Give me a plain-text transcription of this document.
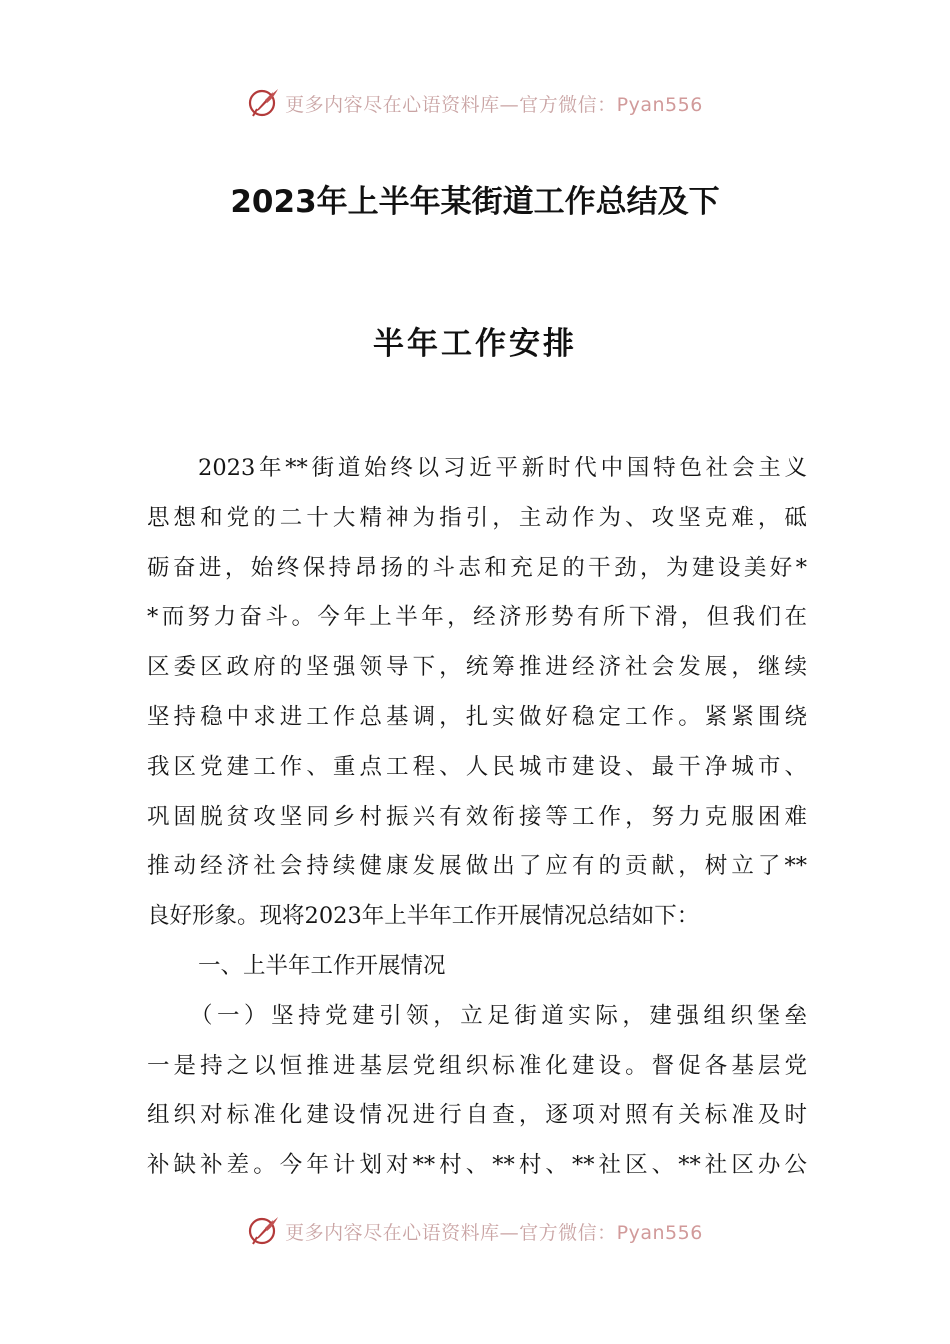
更多内容尽在心语资料库—官方微信：Pyan556
2023年上半年某街道工作总结及下
半年工作安排
2023年**街道始终以习近平新时代中国特色社会主义
思想和党的二十大精神为指引，主动作为、攻坚克难，砥
砺奋进，始终保持昂扬的斗志和充足的干劲，为建设美好*
*而努力奋斗。今年上半年，经济形势有所下滑，但我们在
区委区政府的坚强领导下，统筹推进经济社会发展，继续
坚持稳中求进工作总基调，扎实做好稳定工作。紧紧围绕
我区党建工作、重点工程、人民城市建设、最干净城市、
巩固脱贫攻坚同乡村振兴有效衔接等工作，努力克服困难
推动经济社会持续健康发展做出了应有的贡献，树立了**
良好形象。现将2023年上半年工作开展情况总结如下：
一、上半年工作开展情况
（一）坚持党建引领，立足街道实际，建强组织堡垒
一是持之以恒推进基层党组织标准化建设。督促各基层党
组织对标准化建设情况进行自查，逐项对照有关标准及时
补缺补差。今年计划对**村、**村、**社区、**社区办公
更多内容尽在心语资料库—官方微信：Pyan556
